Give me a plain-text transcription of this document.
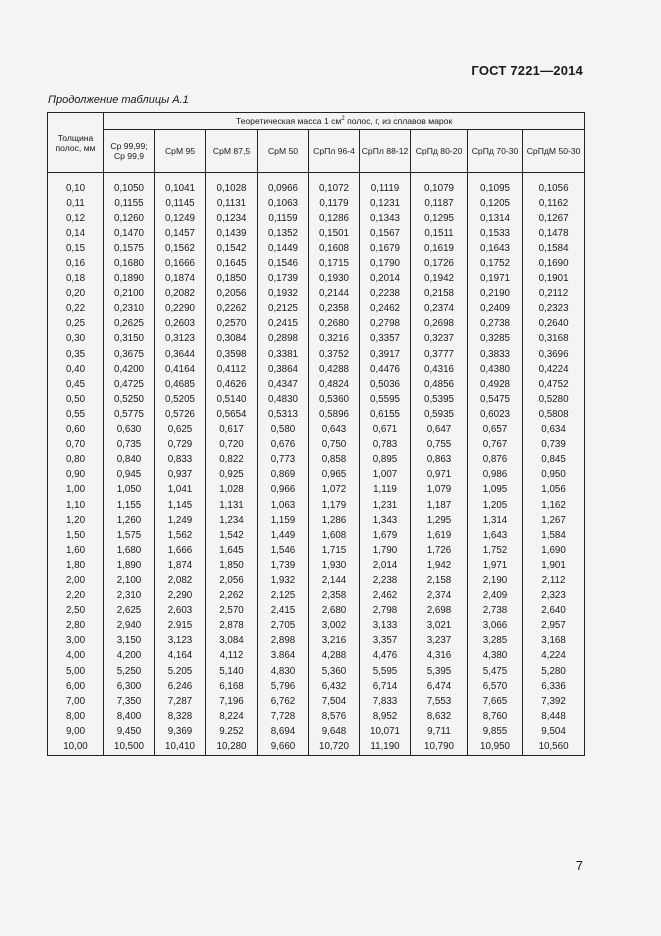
ГОСТ 7221—2014
Продолжение таблицы А.1
Толщина полос, мм	Теоретическая масса 1 $см^2$ полос, г, из сплавов марок								
	Ср 99,99; Ср 99,9	СрМ 95	СрМ 87,5	СрМ 50	СрПл 96-4	СрПл 88-12	СрПд 80-20	СрПд 70-30	СрПдМ 50-30

0,10	0,1050	0,1041	0,1028	0,0966	0,1072	0,1119	0,1079	0,1095	0,1056
0,11	0,1155	0,1145	0,1131	0,1063	0,1179	0,1231	0,1187	0,1205	0,1162
0,12	0,1260	0,1249	0,1234	0,1159	0,1286	0,1343	0,1295	0,1314	0,1267
0,14	0,1470	0,1457	0,1439	0,1352	0,1501	0,1567	0,1511	0,1533	0,1478
0,15	0,1575	0,1562	0,1542	0,1449	0,1608	0,1679	0,1619	0,1643	0,1584
0,16	0,1680	0,1666	0,1645	0,1546	0,1715	0,1790	0,1726	0,1752	0,1690
0,18	0,1890	0,1874	0,1850	0,1739	0,1930	0,2014	0,1942	0,1971	0,1901
0,20	0,2100	0,2082	0,2056	0,1932	0,2144	0,2238	0,2158	0,2190	0,2112
0,22	0,2310	0,2290	0,2262	0,2125	0,2358	0,2462	0,2374	0,2409	0,2323
0,25	0,2625	0,2603	0,2570	0,2415	0,2680	0,2798	0,2698	0,2738	0,2640
0,30	0,3150	0,3123	0,3084	0,2898	0,3216	0,3357	0,3237	0,3285	0,3168
0,35	0,3675	0,3644	0,3598	0,3381	0,3752	0,3917	0,3777	0,3833	0,3696
0,40	0,4200	0,4164	0,4112	0,3864	0,4288	0,4476	0,4316	0,4380	0,4224
0,45	0,4725	0,4685	0,4626	0,4347	0,4824	0,5036	0,4856	0,4928	0,4752
0,50	0,5250	0,5205	0,5140	0,4830	0,5360	0,5595	0,5395	0,5475	0,5280
0,55	0,5775	0,5726	0,5654	0,5313	0,5896	0,6155	0,5935	0,6023	0,5808
0,60	0,630	0,625	0,617	0,580	0,643	0,671	0,647	0,657	0,634
0,70	0,735	0,729	0,720	0,676	0,750	0,783	0,755	0,767	0,739
0,80	0,840	0,833	0,822	0,773	0,858	0,895	0,863	0,876	0,845
0,90	0,945	0,937	0,925	0,869	0,965	1,007	0,971	0,986	0,950
1,00	1,050	1,041	1,028	0,966	1,072	1,119	1,079	1,095	1,056
1,10	1,155	1,145	1,131	1,063	1,179	1,231	1,187	1,205	1,162
1,20	1,260	1,249	1,234	1,159	1,286	1,343	1,295	1,314	1,267
1,50	1,575	1,562	1,542	1,449	1,608	1,679	1,619	1,643	1,584
1,60	1,680	1,666	1,645	1,546	1,715	1,790	1,726	1,752	1,690
1,80	1,890	1,874	1,850	1,739	1,930	2,014	1,942	1,971	1,901
2,00	2,100	2,082	2,056	1,932	2,144	2,238	2,158	2,190	2,112
2,20	2,310	2,290	2,262	2,125	2,358	2,462	2,374	2,409	2,323
2,50	2,625	2,603	2,570	2,415	2,680	2,798	2,698	2,738	2,640
2,80	2,940	2.915	2,878	2,705	3,002	3,133	3,021	3,066	2,957
3,00	3,150	3,123	3,084	2,898	3,216	3,357	3,237	3,285	3,168
4,00	4,200	4,164	4,112	3.864	4,288	4,476	4,316	4,380	4,224
5,00	5,250	5.205	5,140	4,830	5,360	5,595	5,395	5,475	5,280
6,00	6,300	6.246	6,168	5,796	6,432	6,714	6,474	6,570	6,336
7,00	7,350	7,287	7,196	6,762	7,504	7,833	7,553	7,665	7,392
8,00	8,400	8,328	8,224	7,728	8,576	8,952	8,632	8,760	8,448
9,00	9,450	9,369	9.252	8,694	9,648	10,071	9,711	9,855	9,504
10,00	10,500	10,410	10,280	9,660	10,720	11,190	10,790	10,950	10,560
7
